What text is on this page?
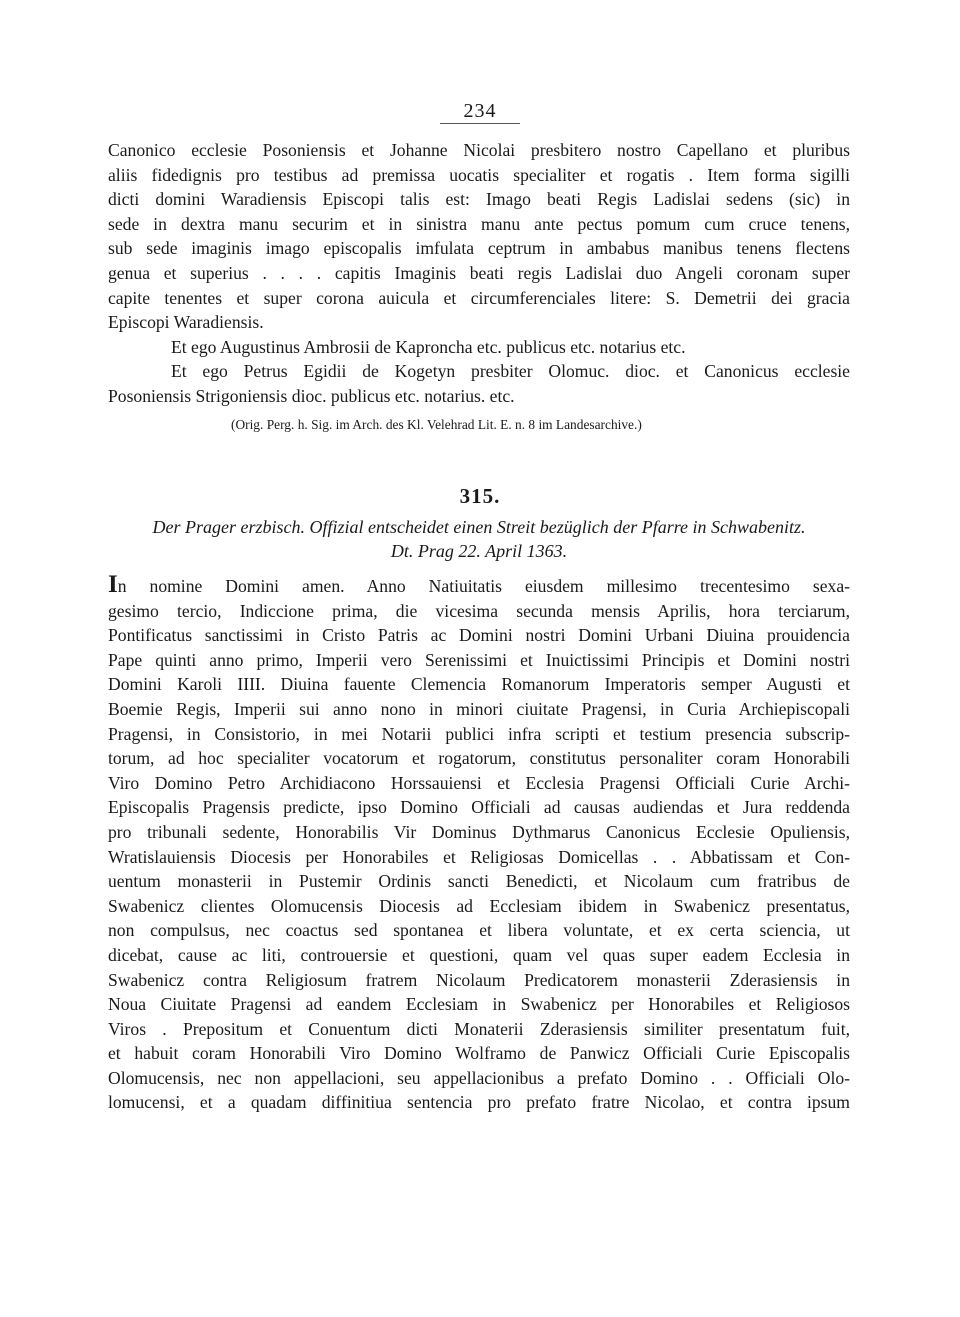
234
Canonico ecclesie Posoniensis et Johanne Nicolai presbitero nostro Capellano et pluribus
aliis fidedignis pro testibus ad premissa uocatis specialiter et rogatis . Item forma sigilli
dicti domini Waradiensis Episcopi talis est: Imago beati Regis Ladislai sedens (sic) in
sede in dextra manu securim et in sinistra manu ante pectus pomum cum cruce tenens,
sub sede imaginis imago episcopalis imfulata ceptrum in ambabus manibus tenens flectens
genua et superius . . . . capitis Imaginis beati regis Ladislai duo Angeli coronam super
capite tenentes et super corona auicula et circumferenciales litere: S. Demetrii dei gracia
Episcopi Waradiensis.
Et ego Augustinus Ambrosii de Kaproncha etc. publicus etc. notarius etc.
Et ego Petrus Egidii de Kogetyn presbiter Olomuc. dioc. et Canonicus ecclesie
Posoniensis Strigoniensis dioc. publicus etc. notarius. etc.
(Orig. Perg. h. Sig. im Arch. des Kl. Velehrad Lit. E. n. 8 im Landesarchive.)
315.
Der Prager erzbisch. Offizial entscheidet einen Streit bezüglich der Pfarre in Schwabenitz.
Dt. Prag 22. April 1363.
In nomine Domini amen. Anno Natiuitatis eiusdem millesimo trecentesimo sexa-
gesimo tercio, Indiccione prima, die vicesima secunda mensis Aprilis, hora terciarum,
Pontificatus sanctissimi in Cristo Patris ac Domini nostri Domini Urbani Diuina prouidencia
Pape quinti anno primo, Imperii vero Serenissimi et Inuictissimi Principis et Domini nostri
Domini Karoli IIII. Diuina fauente Clemencia Romanorum Imperatoris semper Augusti et
Boemie Regis, Imperii sui anno nono in minori ciuitate Pragensi, in Curia Archiepiscopali
Pragensi, in Consistorio, in mei Notarii publici infra scripti et testium presencia subscrip-
torum, ad hoc specialiter vocatorum et rogatorum, constitutus personaliter coram Honorabili
Viro Domino Petro Archidiacono Horssauiensi et Ecclesia Pragensi Officiali Curie Archi-
Episcopalis Pragensis predicte, ipso Domino Officiali ad causas audiendas et Jura reddenda
pro tribunali sedente, Honorabilis Vir Dominus Dythmarus Canonicus Ecclesie Opuliensis,
Wratislauiensis Diocesis per Honorabiles et Religiosas Domicellas . . Abbatissam et Con-
uentum monasterii in Pustemir Ordinis sancti Benedicti, et Nicolaum cum fratribus de
Swabenicz clientes Olomucensis Diocesis ad Ecclesiam ibidem in Swabenicz presentatus,
non compulsus, nec coactus sed spontanea et libera voluntate, et ex certa sciencia, ut
dicebat, cause ac liti, controuersie et questioni, quam vel quas super eadem Ecclesia in
Swabenicz contra Religiosum fratrem Nicolaum Predicatorem monasterii Zderasiensis in
Noua Ciuitate Pragensi ad eandem Ecclesiam in Swabenicz per Honorabiles et Religiosos
Viros . Prepositum et Conuentum dicti Monaterii Zderasiensis similiter presentatum fuit,
et habuit coram Honorabili Viro Domino Wolframo de Panwicz Officiali Curie Episcopalis
Olomucensis, nec non appellacioni, seu appellacionibus a prefato Domino . . Officiali Olo-
lomucensi, et a quadam diffinitiua sentencia pro prefato fratre Nicolao, et contra ipsum
